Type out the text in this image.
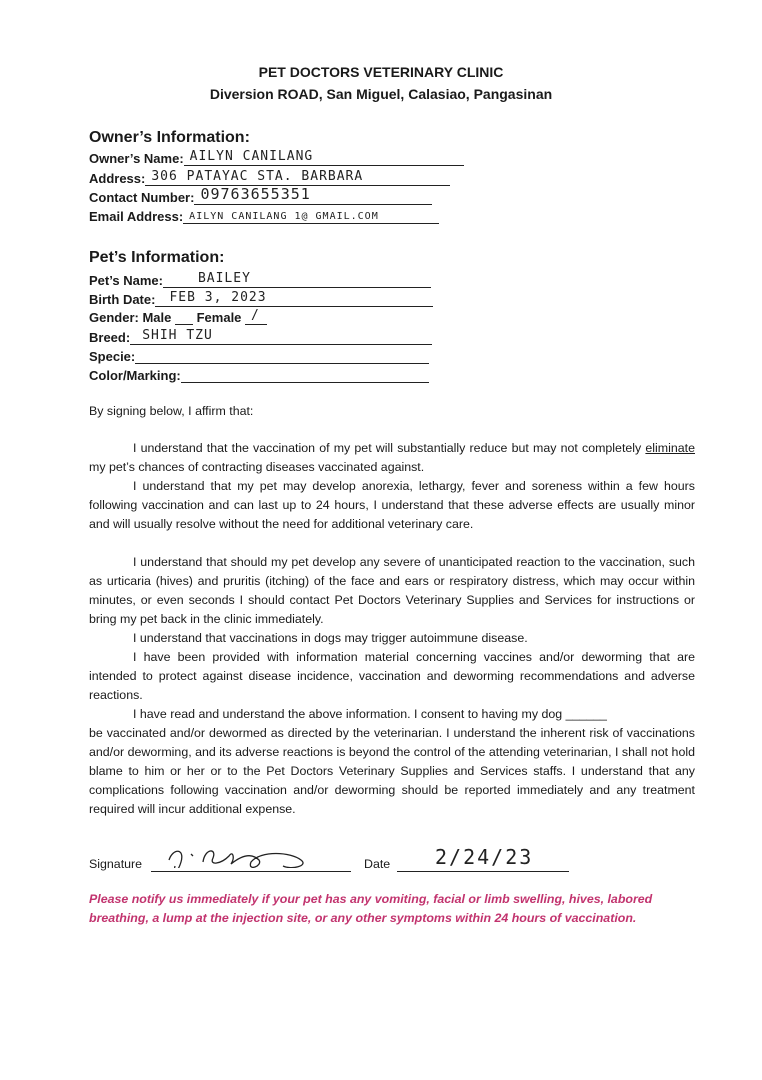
PET DOCTORS VETERINARY CLINIC
Diversion ROAD, San Miguel, Calasiao, Pangasinan
Owner’s Information:
Owner’s Name: AILYN CANILANG
Address: 306 PATAYAC STA. BARBARA
Contact Number: 09763655351
Email Address: AILYN CANILANG 1@ GMAIL.COM
Pet’s Information:
Pet’s Name:	BAILEY
Birth Date: FEB 3, 2023
Gender: Male Female /
Breed: SHIH TZU
Specie:
Color/Marking:
By signing below, I affirm that:
I understand that the vaccination of my pet will substantially reduce but may not completely eliminate my pet’s chances of contracting diseases vaccinated against.
I understand that my pet may develop anorexia, lethargy, fever and soreness within a few hours following vaccination and can last up to 24 hours, I understand that these adverse effects are usually minor and will usually resolve without the need for additional veterinary care.
I understand that should my pet develop any severe of unanticipated reaction to the vaccination, such as urticaria (hives) and pruritis (itching) of the face and ears or respiratory distress, which may occur within minutes, or even seconds I should contact Pet Doctors Veterinary Supplies and Services for instructions or bring my pet back in the clinic immediately.
I understand that vaccinations in dogs may trigger autoimmune disease.
I have been provided with information material concerning vaccines and/or deworming that are intended to protect against disease incidence, vaccination and deworming recommendations and adverse reactions.
I have read and understand the above information. I consent to having my dog ______
be vaccinated and/or dewormed as directed by the veterinarian. I understand the inherent risk of vaccinations and/or deworming, and its adverse reactions is beyond the control of the attending veterinarian, I shall not hold blame to him or her or to the Pet Doctors Veterinary Supplies and Services staffs. I understand that any complications following vaccination and/or deworming should be reported immediately and any treatment required will incur additional expense.
Signature	Date 2/24/23
Please notify us immediately if your pet has any vomiting, facial or limb swelling, hives, labored breathing, a lump at the injection site, or any other symptoms within 24 hours of vaccination.
